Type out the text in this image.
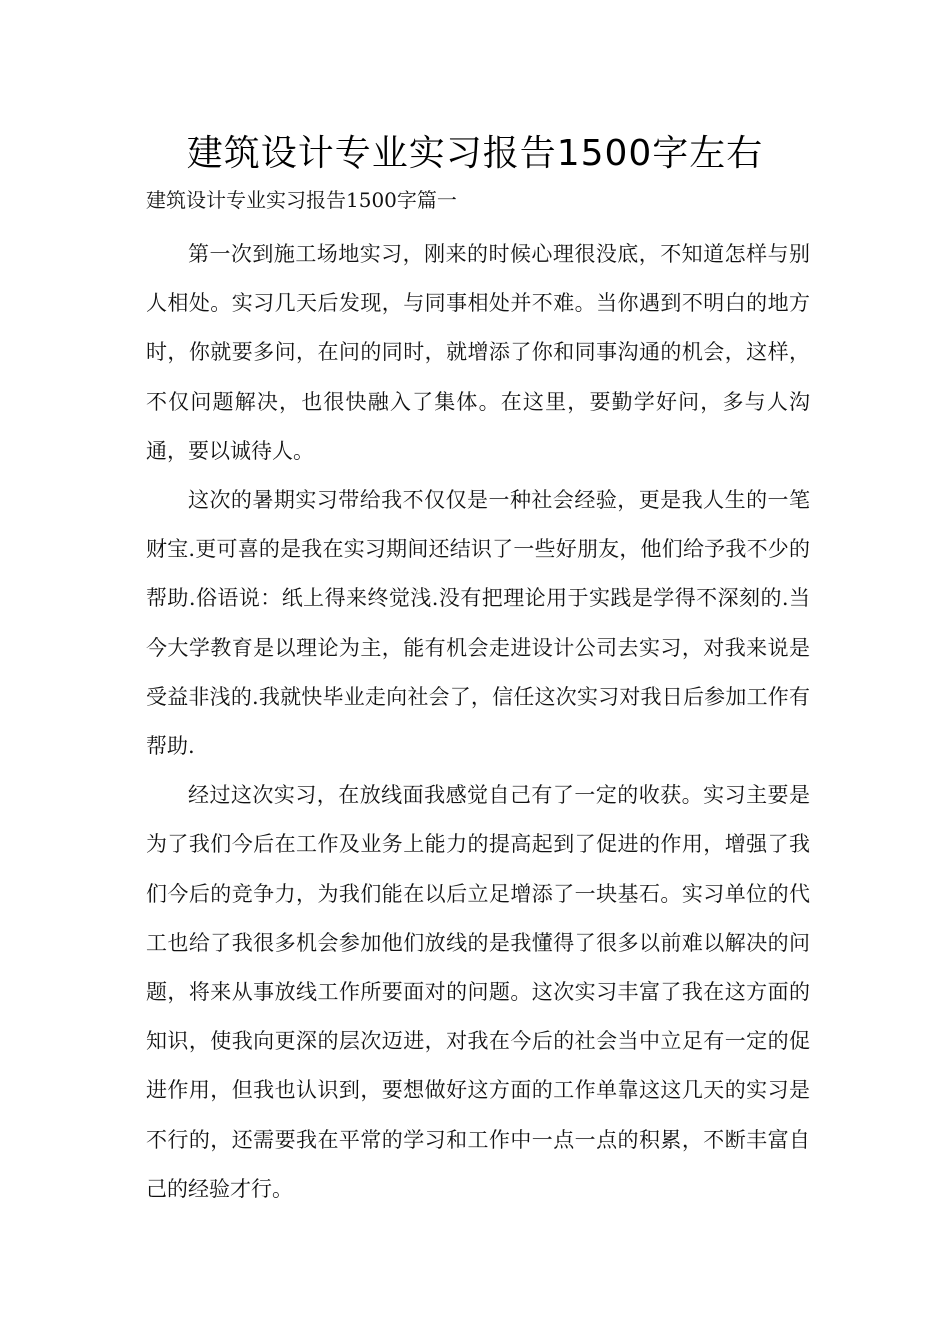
建筑设计专业实习报告1500字左右

建筑设计专业实习报告1500字篇一

第一次到施工场地实习，刚来的时候心理很没底，不知道怎样与别人相处。实习几天后发现，与同事相处并不难。当你遇到不明白的地方时，你就要多问，在问的同时，就增添了你和同事沟通的机会，这样，不仅问题解决，也很快融入了集体。在这里，要勤学好问，多与人沟通，要以诚待人。

这次的暑期实习带给我不仅仅是一种社会经验，更是我人生的一笔财宝.更可喜的是我在实习期间还结识了一些好朋友，他们给予我不少的帮助.俗语说：纸上得来终觉浅.没有把理论用于实践是学得不深刻的.当今大学教育是以理论为主，能有机会走进设计公司去实习，对我来说是受益非浅的.我就快毕业走向社会了，信任这次实习对我日后参加工作有帮助.

经过这次实习，在放线面我感觉自己有了一定的收获。实习主要是为了我们今后在工作及业务上能力的提高起到了促进的作用，增强了我们今后的竞争力，为我们能在以后立足增添了一块基石。实习单位的代工也给了我很多机会参加他们放线的是我懂得了很多以前难以解决的问题，将来从事放线工作所要面对的问题。这次实习丰富了我在这方面的知识，使我向更深的层次迈进，对我在今后的社会当中立足有一定的促进作用，但我也认识到，要想做好这方面的工作单靠这这几天的实习是不行的，还需要我在平常的学习和工作中一点一点的积累，不断丰富自己的经验才行。
